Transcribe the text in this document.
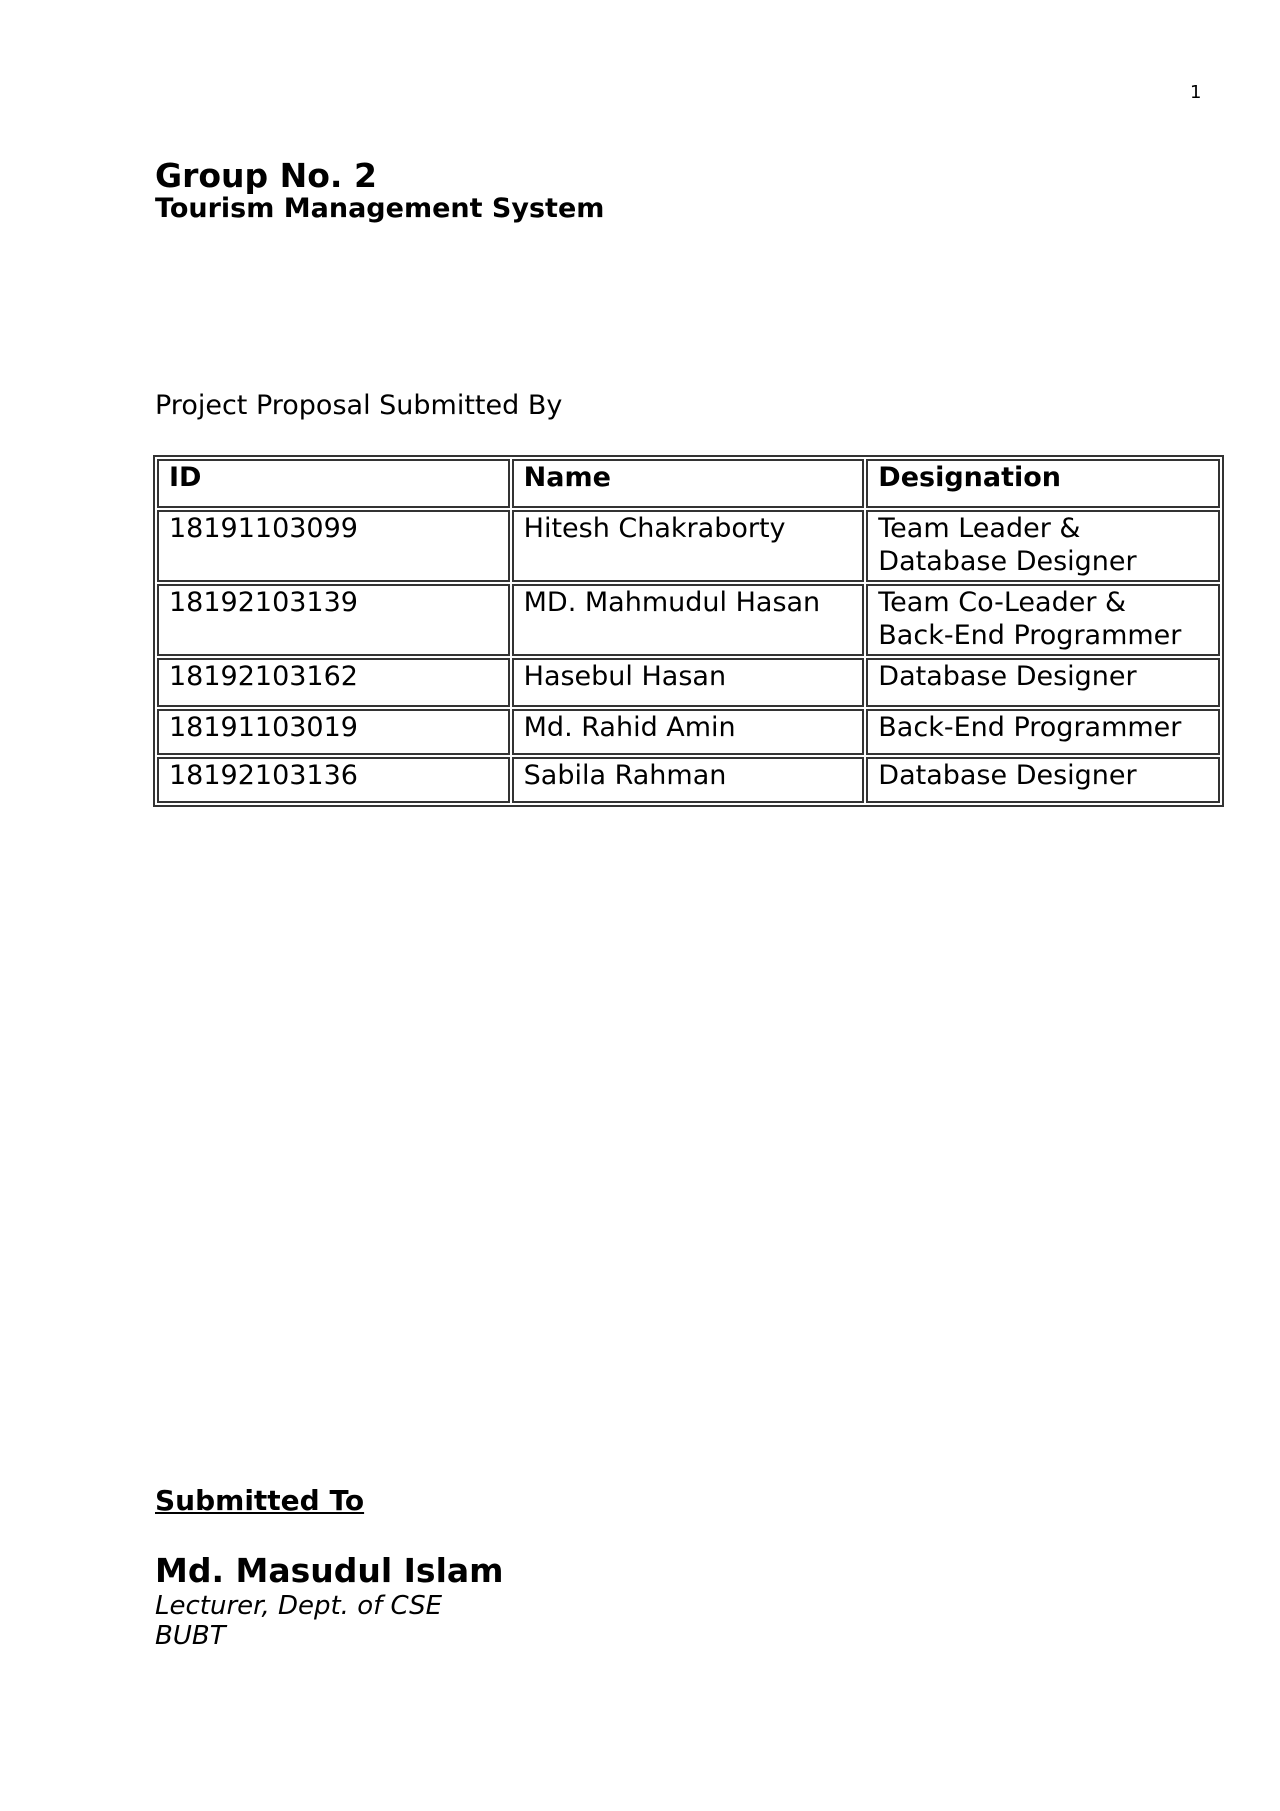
1
Group No. 2
Tourism Management System
Project Proposal Submitted By
ID	Name	Designation
18191103099	Hitesh Chakraborty	Team Leader &
Database Designer
18192103139	MD. Mahmudul Hasan	Team Co-Leader &
Back-End Programmer
18192103162	Hasebul Hasan	Database Designer
18191103019	Md. Rahid Amin	Back-End Programmer
18192103136	Sabila Rahman	Database Designer
Submitted To
Md. Masudul Islam
Lecturer, Dept. of CSE
BUBT
